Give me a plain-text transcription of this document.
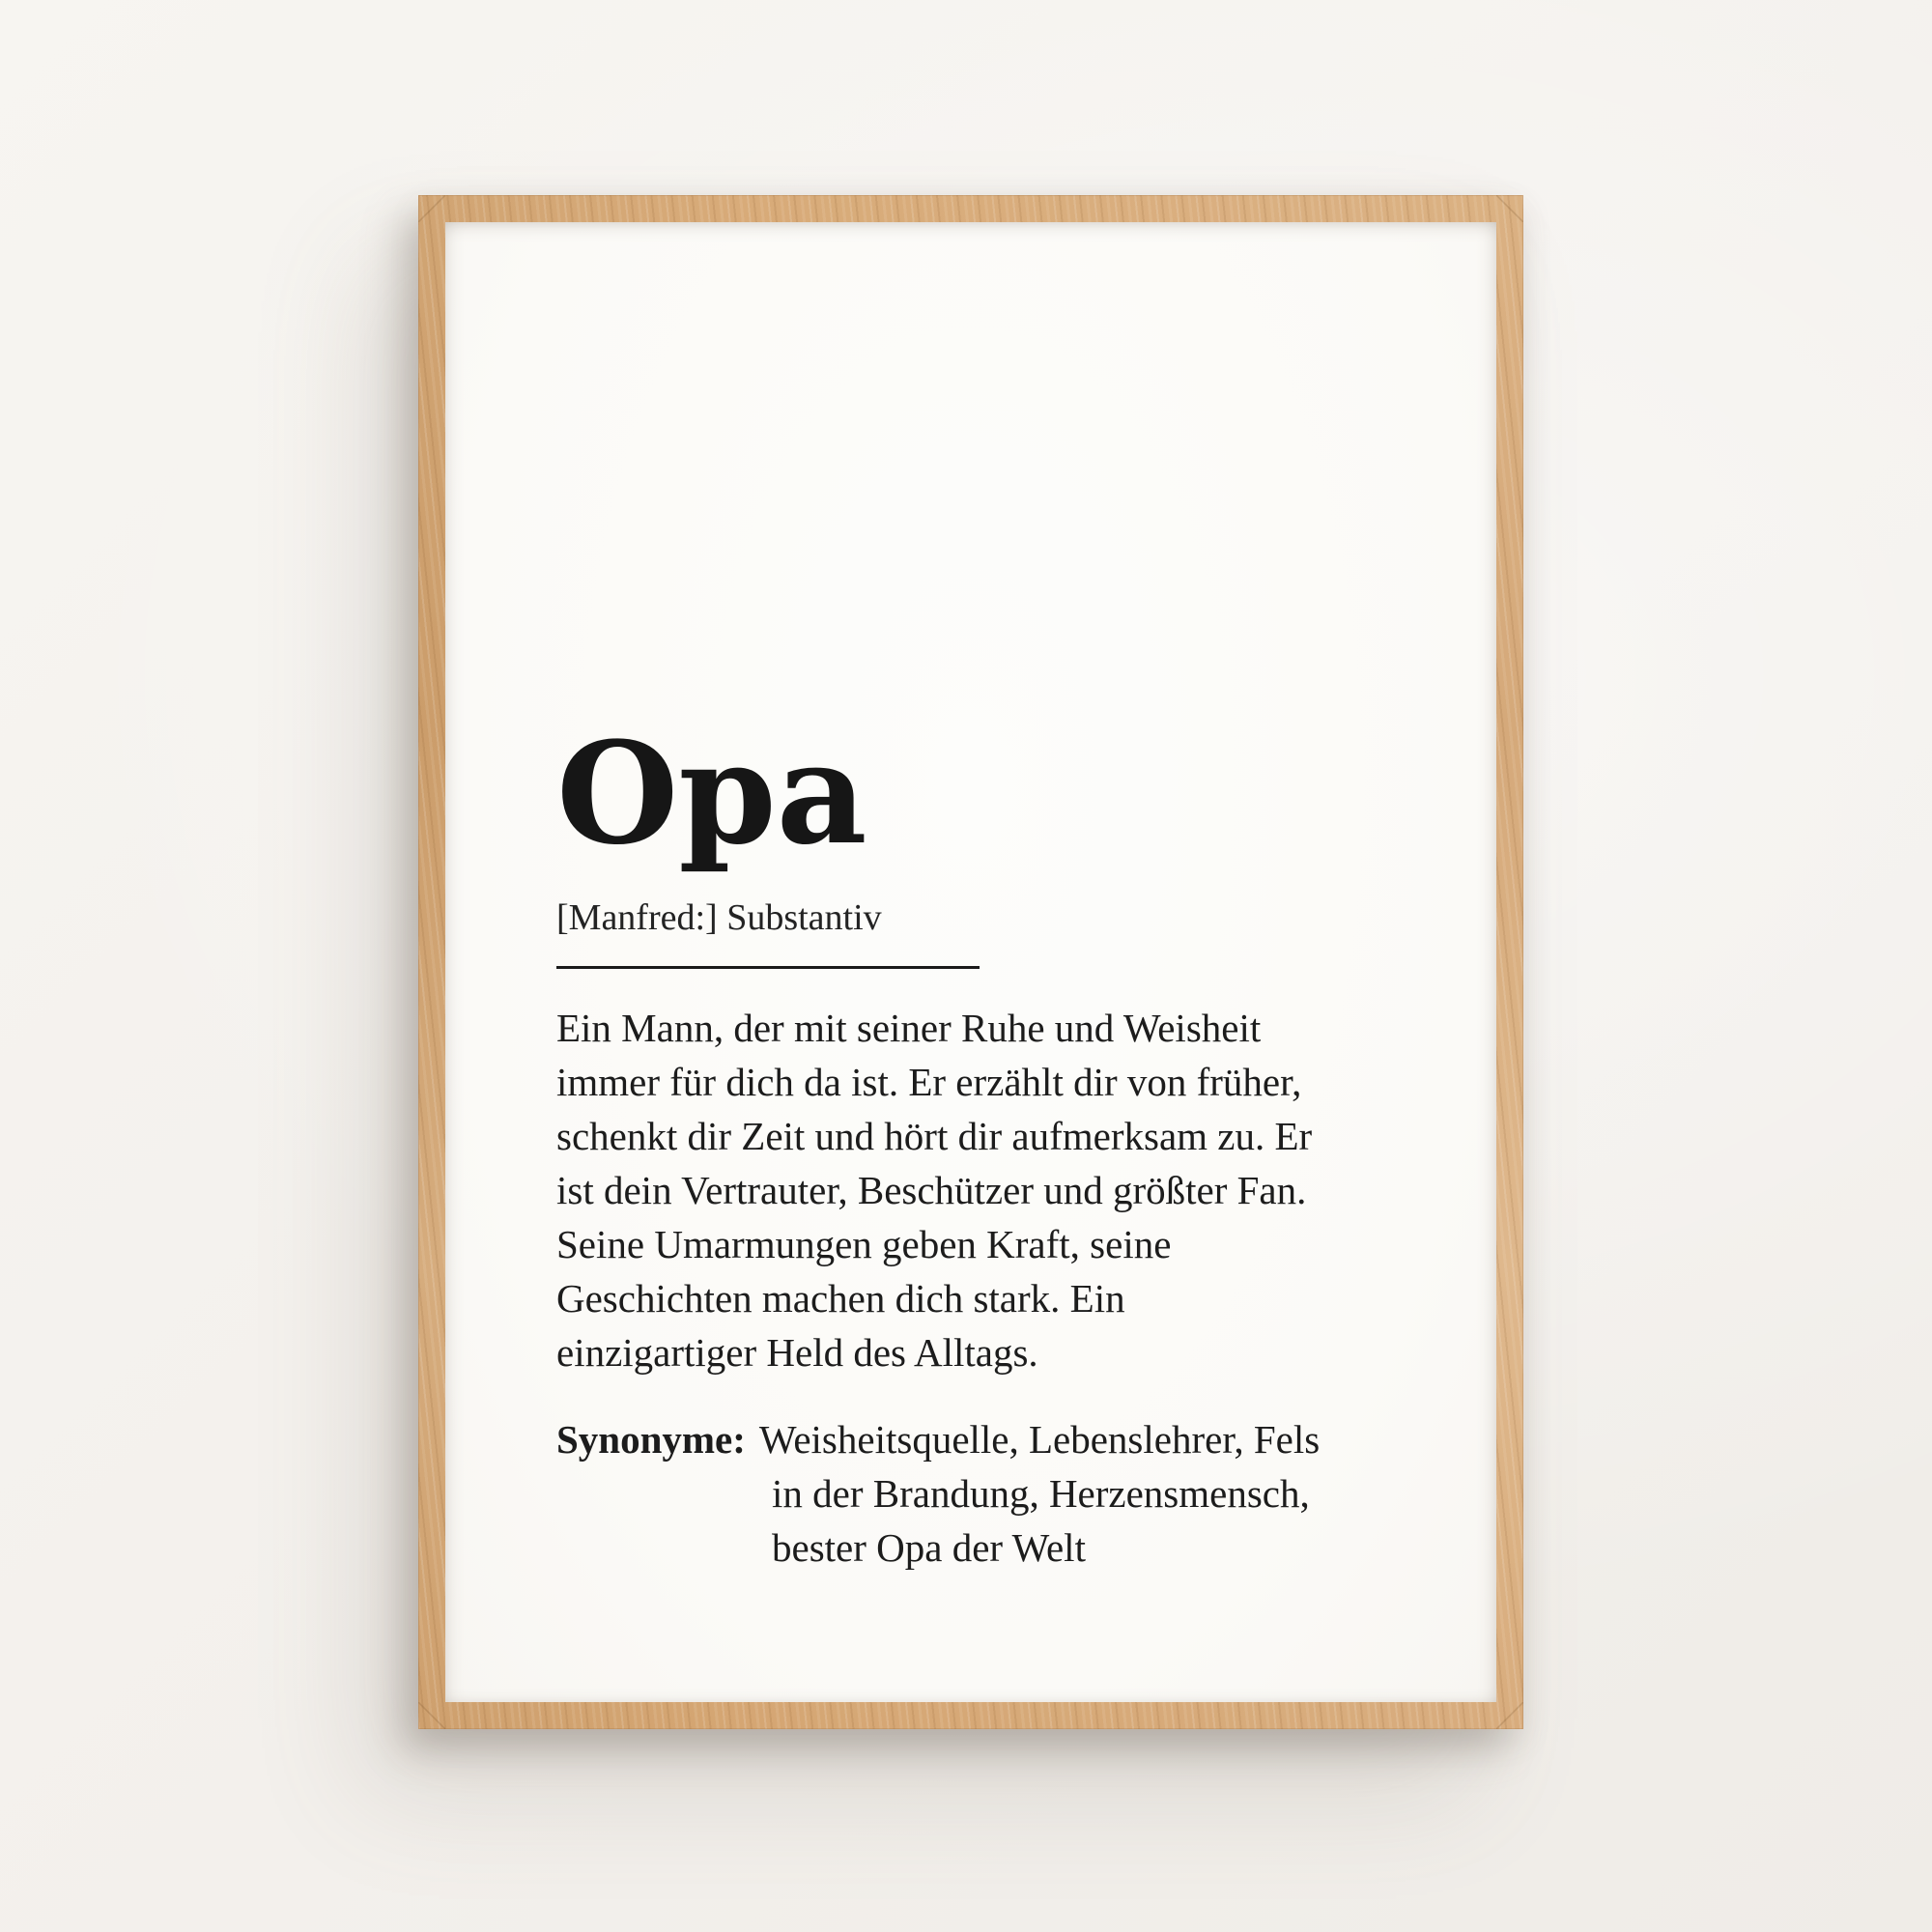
Opa

[Manfred:] Substantiv

Ein Mann, der mit seiner Ruhe und Weisheit
immer für dich da ist. Er erzählt dir von früher,
schenkt dir Zeit und hört dir aufmerksam zu. Er
ist dein Vertrauter, Beschützer und größter Fan.
Seine Umarmungen geben Kraft, seine
Geschichten machen dich stark. Ein
einzigartiger Held des Alltags.
Synonyme: Weisheitsquelle, Lebenslehrer, Fels
in der Brandung, Herzensmensch,
bester Opa der Welt
